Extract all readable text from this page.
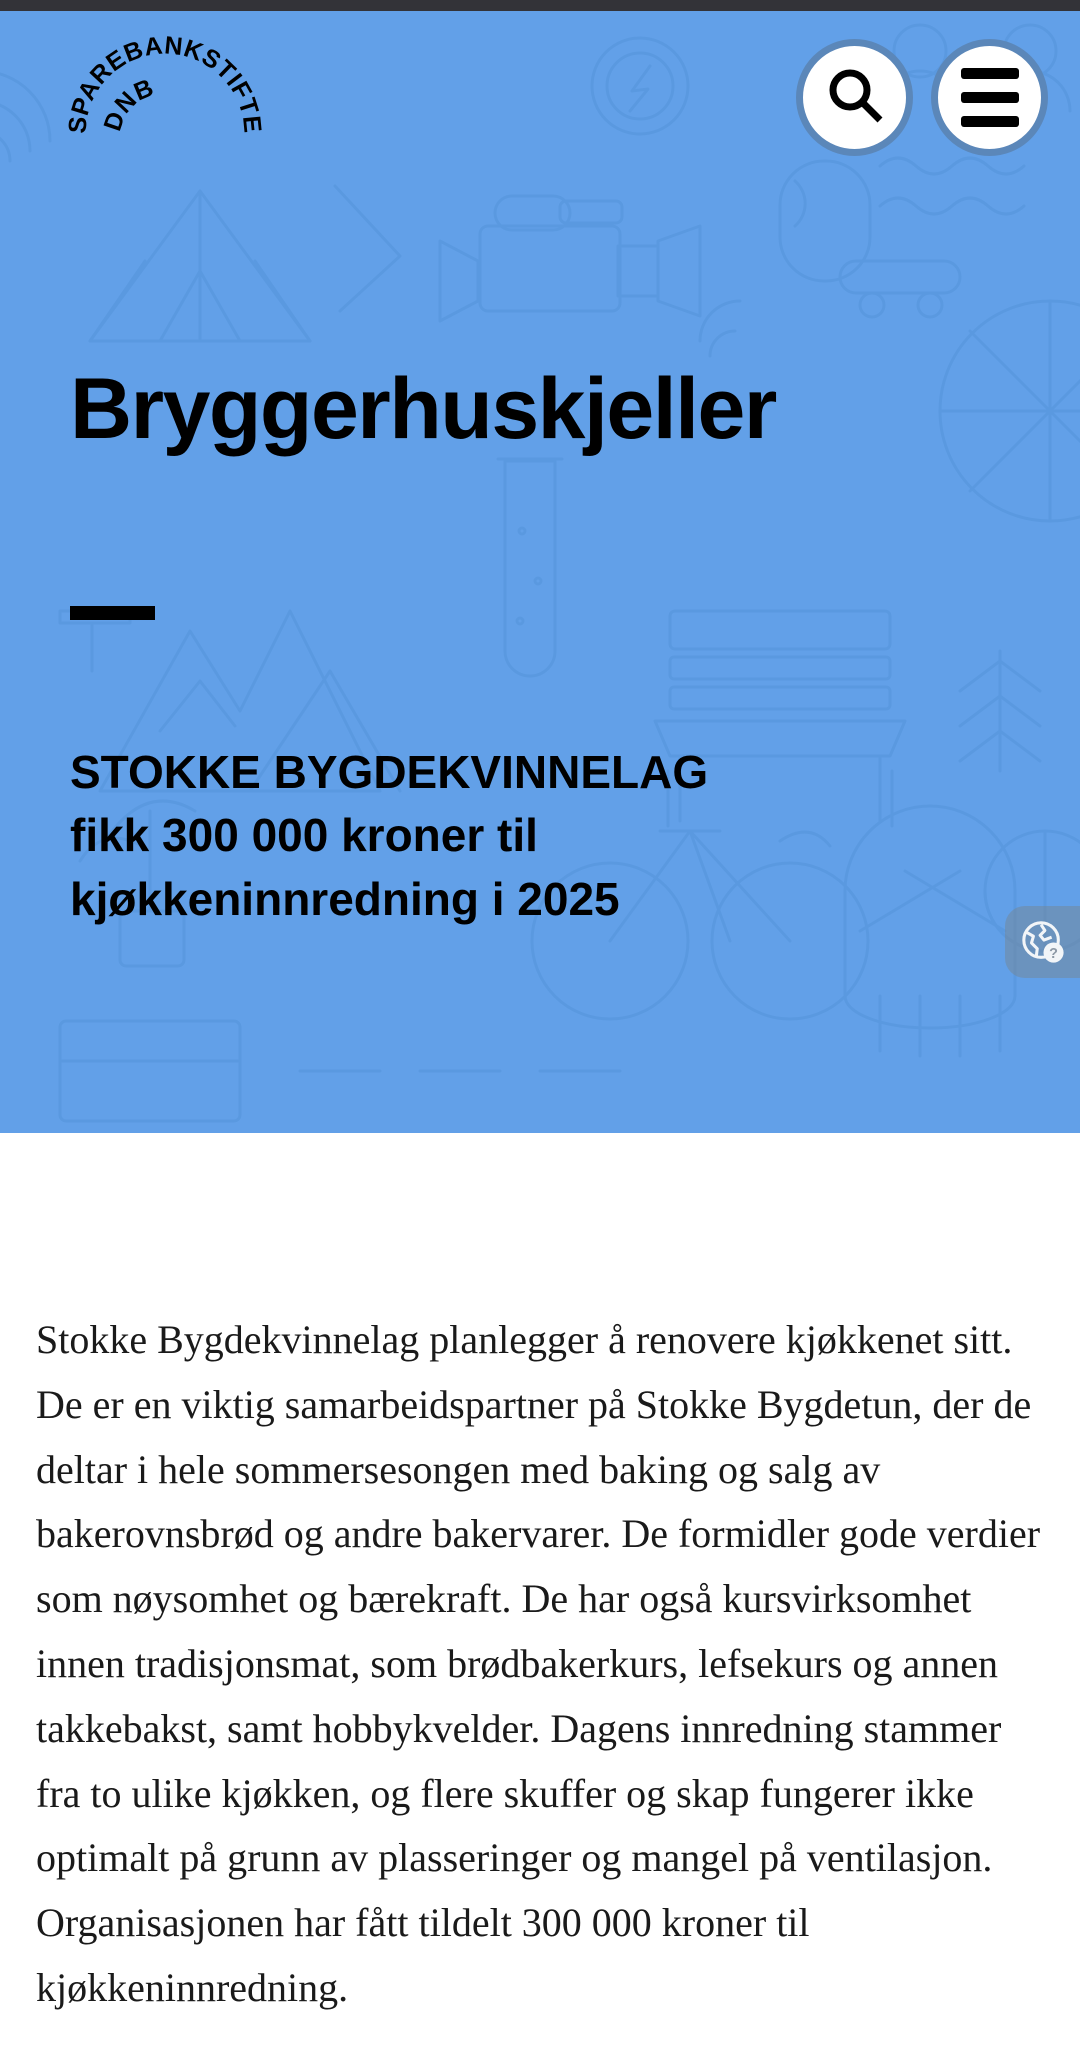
SPAREBANKSTIFTELSEN
DNB
Bryggerhuskjeller
STOKKE BYGDEKVINNELAG fikk 300 000 kroner til kjøkkeninnredning i 2025
?

Stokke Bygdekvinnelag planlegger å renovere kjøkkenet sitt. De er en viktig samarbeidspartner på Stokke Bygdetun, der de deltar i hele sommersesongen med baking og salg av bakerovnsbrød og andre bakervarer. De formidler gode verdier som nøysomhet og bærekraft. De har også kursvirksomhet innen tradisjonsmat, som brødbakerkurs, lefsekurs og annen takkebakst, samt hobbykvelder. Dagens innredning stammer fra to ulike kjøkken, og flere skuffer og skap fungerer ikke optimalt på grunn av plasseringer og mangel på ventilasjon. Organisasjonen har fått tildelt 300 000 kroner til kjøkkeninnredning.
